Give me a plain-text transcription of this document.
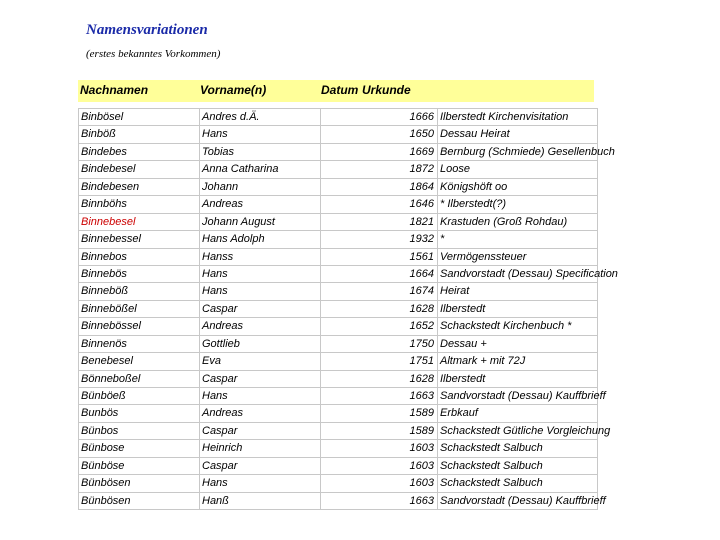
Namensvariationen
(erstes bekanntes Vorkommen)
Nachnamen	Vorname(n)	Datum Urkunde
Binbösel	Andres d.Ä.	1666 Ilberstedt Kirchenvisitation
Binböß	Hans	1650 Dessau Heirat
Bindebes	Tobias	1669 Bernburg (Schmiede) Gesellenbuch
Bindebesel	Anna Catharina	1872 Loose
Bindebesen	Johann	1864 Königshöft oo
Binnböhs	Andreas	1646 * Ilberstedt(?)
Binnebesel	Johann August	1821 Krastuden (Groß Rohdau)
Binnebessel	Hans Adolph	1932 *
Binnebos	Hanss	1561 Vermögenssteuer
Binnebös	Hans	1664 Sandvorstadt (Dessau) Specification
Binneböß	Hans	1674 Heirat
Binnebößel	Caspar	1628 Ilberstedt
Binnebössel	Andreas	1652 Schackstedt Kirchenbuch *
Binnenös	Gottlieb	1750 Dessau +
Benebesel	Eva	1751 Altmark + mit 72J
Bönneboßel	Caspar	1628 Ilberstedt
Bünböeß	Hans	1663 Sandvorstadt (Dessau) Kauffbrieff
Bunbös	Andreas	1589 Erbkauf
Bünbos	Caspar	1589 Schackstedt Gütliche Vorgleichung
Bünbose	Heinrich	1603 Schackstedt Salbuch
Bünböse	Caspar	1603 Schackstedt Salbuch
Bünbösen	Hans	1603 Schackstedt Salbuch
Bünbösen	Hanß	1663 Sandvorstadt (Dessau) Kauffbrieff
